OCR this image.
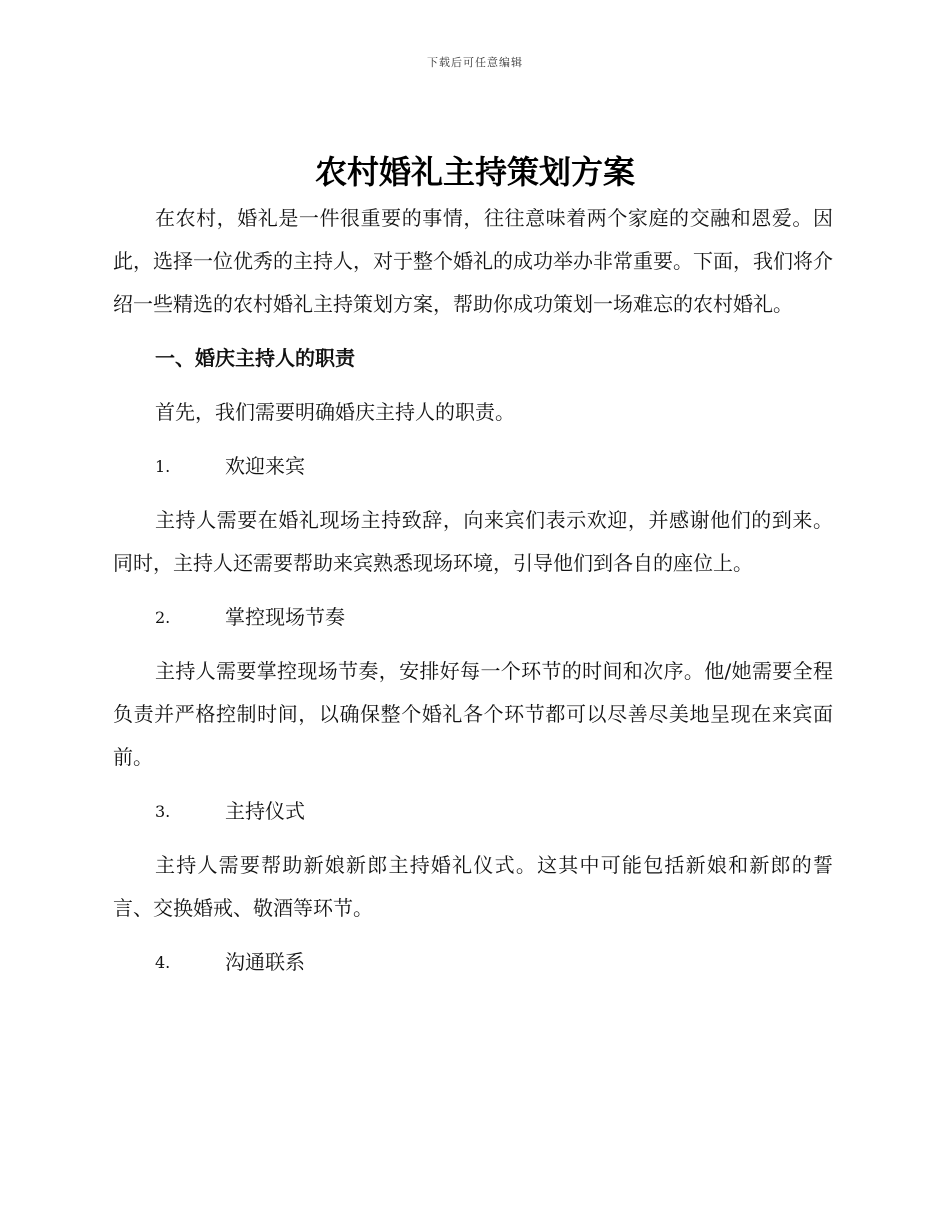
下载后可任意编辑
农村婚礼主持策划方案

在农村，婚礼是一件很重要的事情，往往意味着两个家庭的交融和恩爱。因此，选择一位优秀的主持人，对于整个婚礼的成功举办非常重要。下面，我们将介绍一些精选的农村婚礼主持策划方案，帮助你成功策划一场难忘的农村婚礼。

一、婚庆主持人的职责

首先，我们需要明确婚庆主持人的职责。

1.	欢迎来宾

主持人需要在婚礼现场主持致辞，向来宾们表示欢迎，并感谢他们的到来。同时，主持人还需要帮助来宾熟悉现场环境，引导他们到各自的座位上。

2.	掌控现场节奏

主持人需要掌控现场节奏，安排好每一个环节的时间和次序。他/她需要全程负责并严格控制时间，以确保整个婚礼各个环节都可以尽善尽美地呈现在来宾面前。

3.	主持仪式

主持人需要帮助新娘新郎主持婚礼仪式。这其中可能包括新娘和新郎的誓言、交换婚戒、敬酒等环节。

4.	沟通联系
